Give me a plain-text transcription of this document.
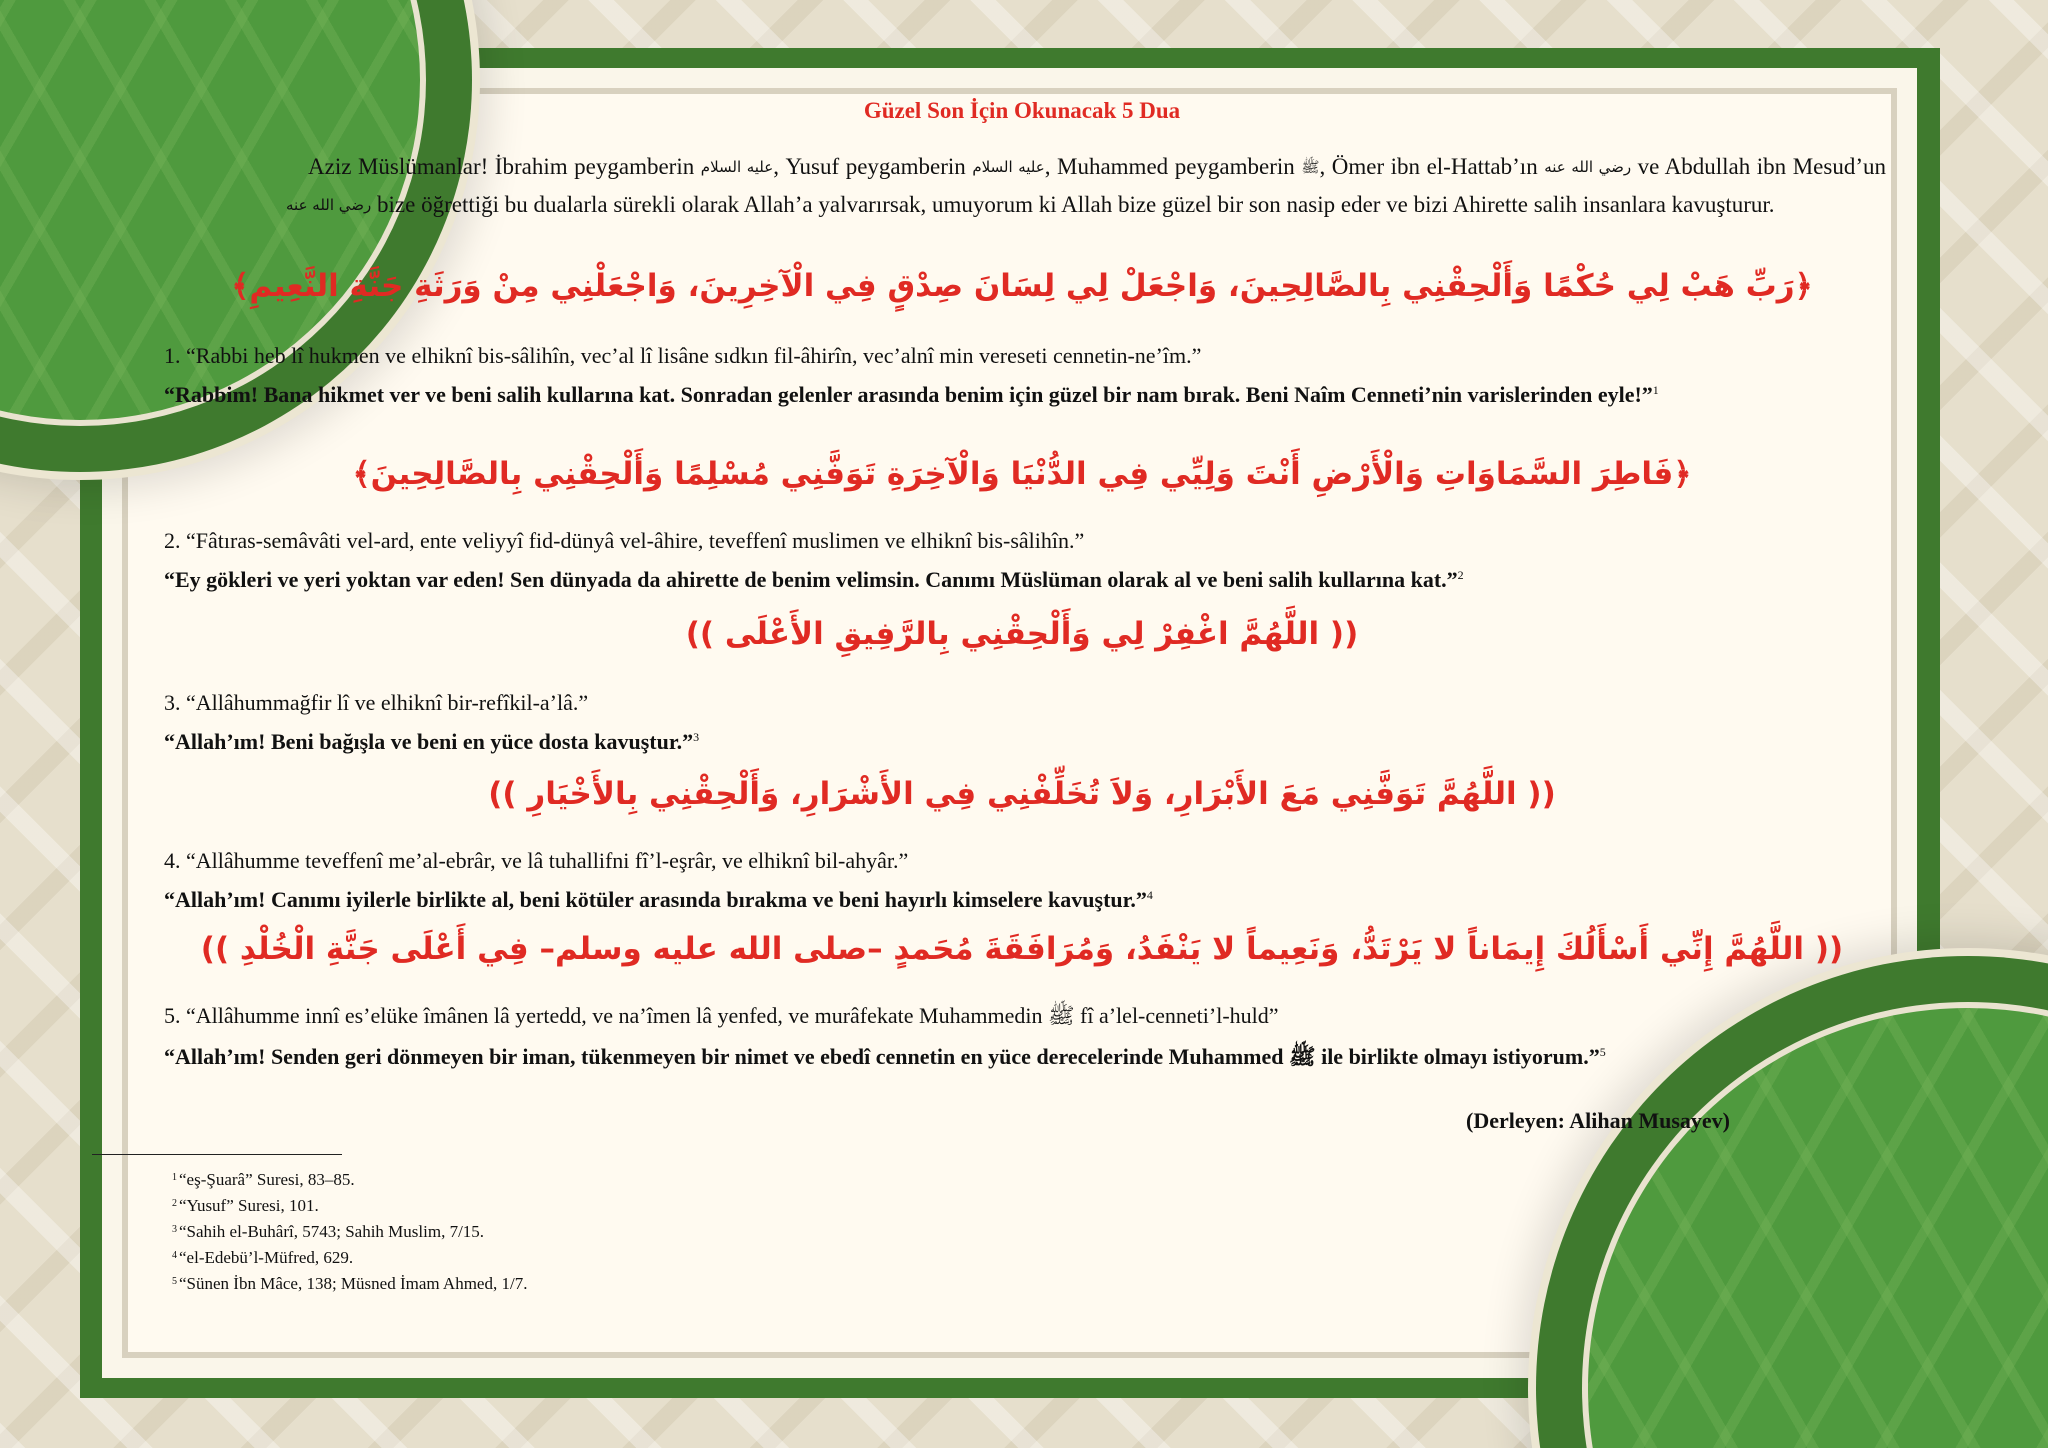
Güzel Son İçin Okunacak 5 Dua
Aziz Müslümanlar! İbrahim peygamberin عليه السلام, Yusuf peygamberin عليه السلام, Muhammed peygamberin ﷺ, Ömer ibn el-Hattab’ın رضي الله عنه ve Abdullah ibn Mesud’un رضي الله عنه bize öğrettiği bu dualarla sürekli olarak Allah’a yalvarırsak, umuyorum ki Allah bize güzel bir son nasip eder ve bizi Ahirette salih insanlara kavuşturur.
﴿رَبِّ هَبْ لِي حُكْمًا وَأَلْحِقْنِي بِالصَّالِحِينَ، وَاجْعَلْ لِي لِسَانَ صِدْقٍ فِي الْآخِرِينَ، وَاجْعَلْنِي مِنْ وَرَثَةِ جَنَّةِ النَّعِيمِ﴾
1. “Rabbi heb lî hukmen ve elhiknî bis-sâlihîn, vec’al lî lisâne sıdkın fil-âhirîn, vec’alnî min vereseti cennetin-ne’îm.”
“Rabbim! Bana hikmet ver ve beni salih kullarına kat. Sonradan gelenler arasında benim için güzel bir nam bırak. Beni Naîm Cenneti’nin varislerinden eyle!”$^1$
﴿فَاطِرَ السَّمَاوَاتِ وَالْأَرْضِ أَنْتَ وَلِيِّي فِي الدُّنْيَا وَالْآخِرَةِ تَوَفَّنِي مُسْلِمًا وَأَلْحِقْنِي بِالصَّالِحِينَ﴾
2. “Fâtıras-semâvâti vel-ard, ente veliyyî fid-dünyâ vel-âhire, teveffenî muslimen ve elhiknî bis-sâlihîn.”
“Ey gökleri ve yeri yoktan var eden! Sen dünyada da ahirette de benim velimsin. Canımı Müslüman olarak al ve beni salih kullarına kat.”$^2$
(( اللَّهُمَّ اغْفِرْ لِي وَأَلْحِقْنِي بِالرَّفِيقِ الأَعْلَى ))
3. “Allâhummağfir lî ve elhiknî bir-refîkil-a’lâ.”
“Allah’ım! Beni bağışla ve beni en yüce dosta kavuştur.”$^3$
(( اللَّهُمَّ تَوَفَّنِي مَعَ الأَبْرَارِ، وَلاَ تُخَلِّفْنِي فِي الأَشْرَارِ، وَأَلْحِقْنِي بِالأَخْيَارِ ))
4. “Allâhumme teveffenî me’al-ebrâr, ve lâ tuhallifni fî’l-eşrâr, ve elhiknî bil-ahyâr.”
“Allah’ım! Canımı iyilerle birlikte al, beni kötüler arasında bırakma ve beni hayırlı kimselere kavuştur.”$^4$
(( اللَّهُمَّ إِنِّي أَسْأَلُكَ إِيمَاناً لا يَرْتَدُّ، وَنَعِيماً لا يَنْفَدُ، وَمُرَافَقَةَ مُحَمدٍ –صلى الله عليه وسلم– فِي أَعْلَى جَنَّةِ الْخُلْدِ ))
5. “Allâhumme innî es’elüke îmânen lâ yertedd, ve na’îmen lâ yenfed, ve murâfekate Muhammedin ﷺ fî a’lel-cenneti’l-huld”
“Allah’ım! Senden geri dönmeyen bir iman, tükenmeyen bir nimet ve ebedî cennetin en yüce derecelerinde Muhammed ﷺ ile birlikte olmayı istiyorum.”$^5$
(Derleyen: Alihan Musayev)
$^1$ “eş-Şuarâ” Suresi, 83–85.
$^2$ “Yusuf” Suresi, 101.
$^3$ “Sahih el-Buhârî, 5743; Sahih Muslim, 7/15.
$^4$ “el-Edebü’l-Müfred, 629.
$^5$ “Sünen İbn Mâce, 138; Müsned İmam Ahmed, 1/7.
